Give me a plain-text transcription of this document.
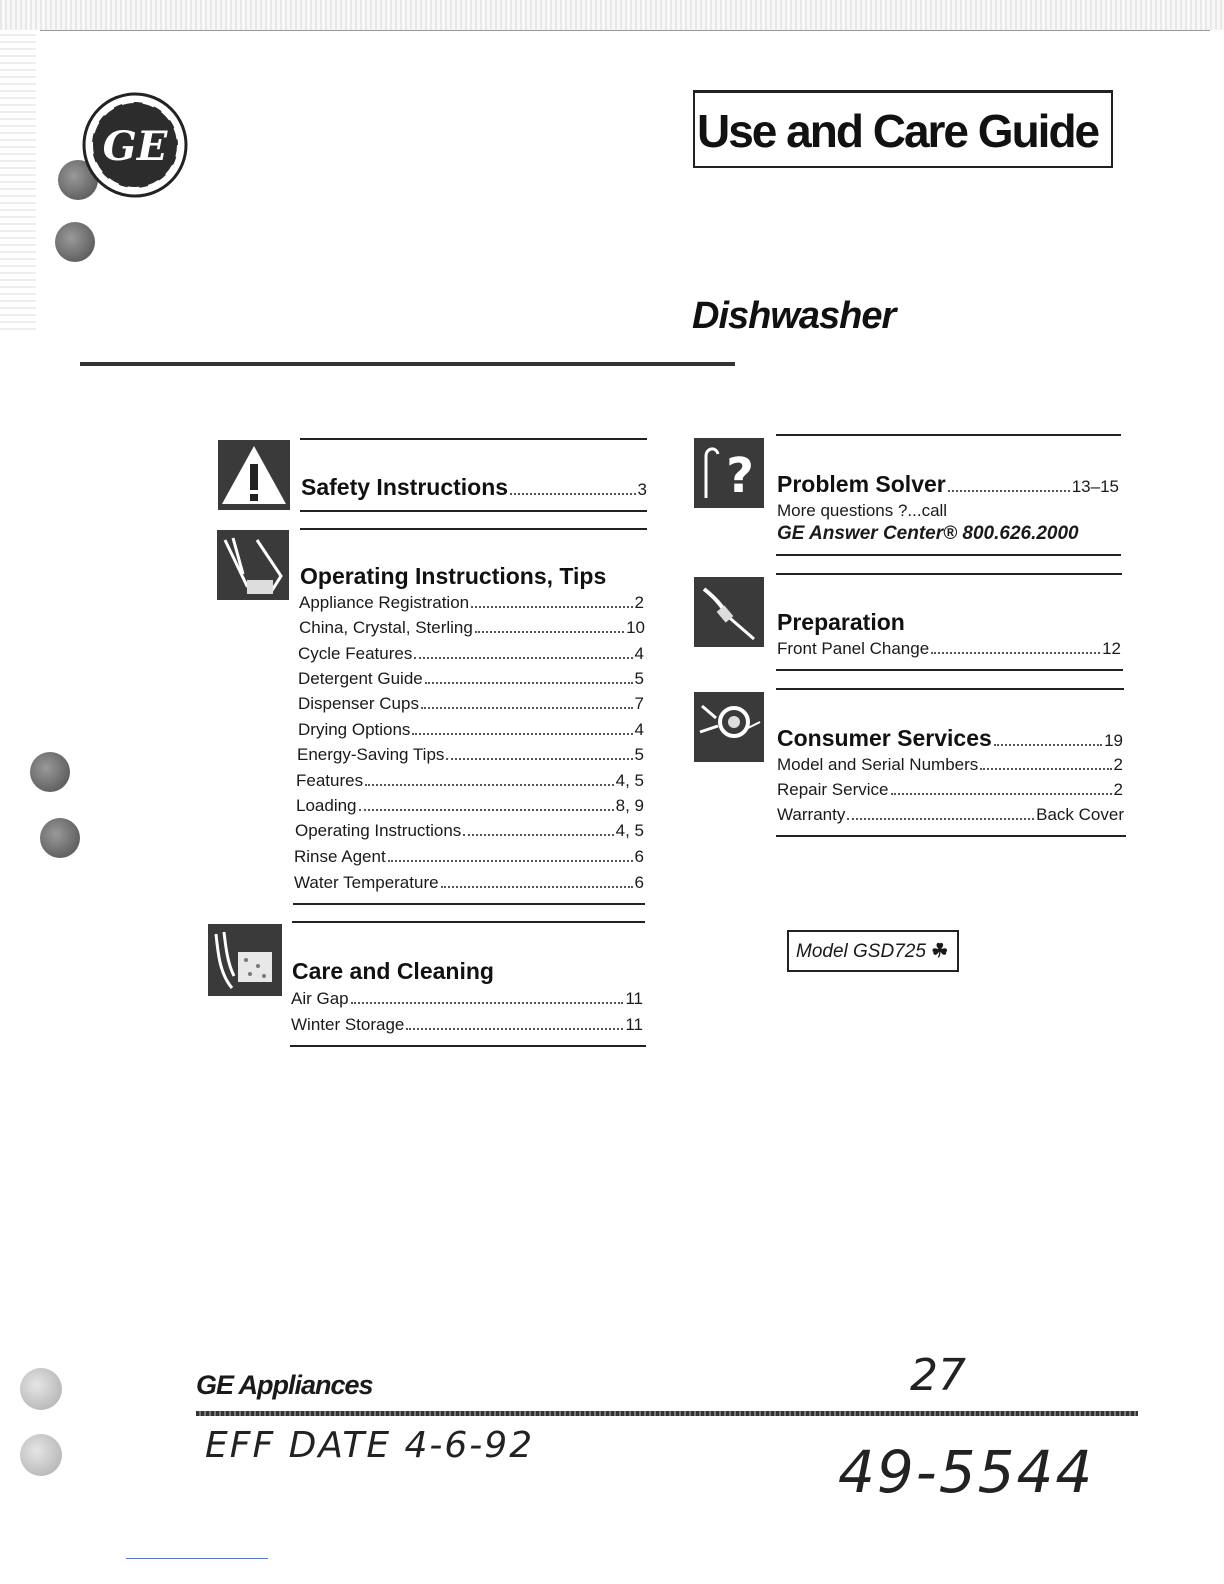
GE	Use and Care Guide
Dishwasher
Safety Instructions	3
Operating Instructions, Tips
Appliance Registration	2
China, Crystal, Sterling	10
Cycle Features	4
Detergent Guide	5
Dispenser Cups	7
Drying Options	4
Energy-Saving Tips	5
Features	4, 5
Loading	8, 9
Operating Instructions	4, 5
Rinse Agent	6
Water Temperature	6
Care and Cleaning
Air Gap	11
Winter Storage	11
? Problem Solver	13–15
More questions ?...call
GE Answer Center® 800.626.2000
Preparation
Front Panel Change	12
Consumer Services	19
Model and Serial Numbers	2
Repair Service	2
Warranty	Back Cover
Model GSD725 ☘
GE Appliances	27
EFF DATE 4-6-92	49-5544
